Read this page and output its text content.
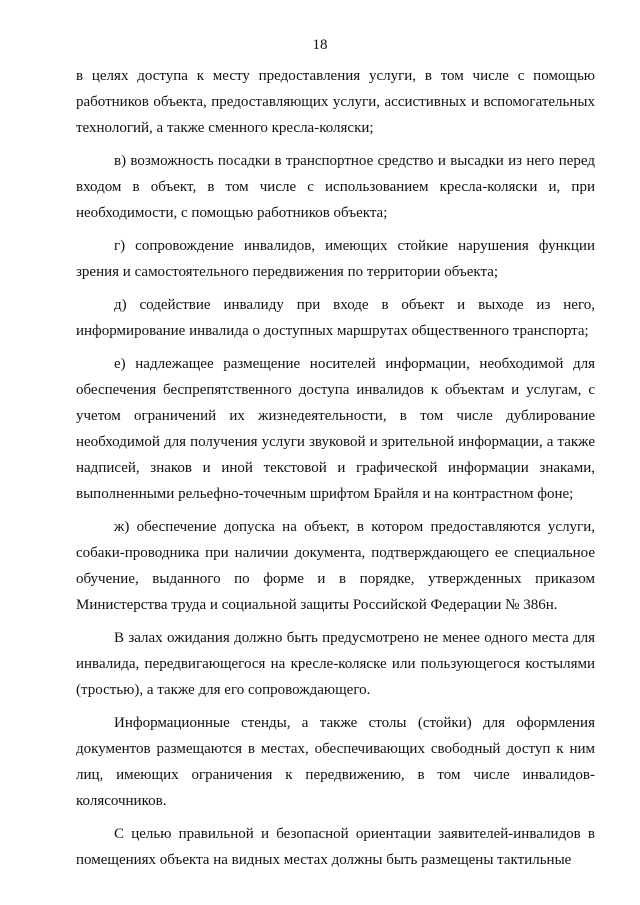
18

в целях доступа к месту предоставления услуги, в том числе с помощью работников объекта, предоставляющих услуги, ассистивных и вспомогательных технологий, а также сменного кресла-коляски;

в) возможность посадки в транспортное средство и высадки из него перед входом в объект, в том числе с использованием кресла-коляски и, при необходимости, с помощью работников объекта;

г) сопровождение инвалидов, имеющих стойкие нарушения функции зрения и самостоятельного передвижения по территории объекта;

д) содействие инвалиду при входе в объект и выходе из него, информирование инвалида о доступных маршрутах общественного транспорта;

е) надлежащее размещение носителей информации, необходимой для обеспечения беспрепятственного доступа инвалидов к объектам и услугам, с учетом ограничений их жизнедеятельности, в том числе дублирование необходимой для получения услуги звуковой и зрительной информации, а также надписей, знаков и иной текстовой и графической информации знаками, выполненными рельефно-точечным шрифтом Брайля и на контрастном фоне;

ж) обеспечение допуска на объект, в котором предоставляются услуги, собаки-проводника при наличии документа, подтверждающего ее специальное обучение, выданного по форме и в порядке, утвержденных приказом Министерства труда и социальной защиты Российской Федерации № 386н.

В залах ожидания должно быть предусмотрено не менее одного места для инвалида, передвигающегося на кресле-коляске или пользующегося костылями (тростью), а также для его сопровождающего.

Информационные стенды, а также столы (стойки) для оформления документов размещаются в местах, обеспечивающих свободный доступ к ним лиц, имеющих ограничения к передвижению, в том числе инвалидов-колясочников.

С целью правильной и безопасной ориентации заявителей-инвалидов в помещениях объекта на видных местах должны быть размещены тактильные
